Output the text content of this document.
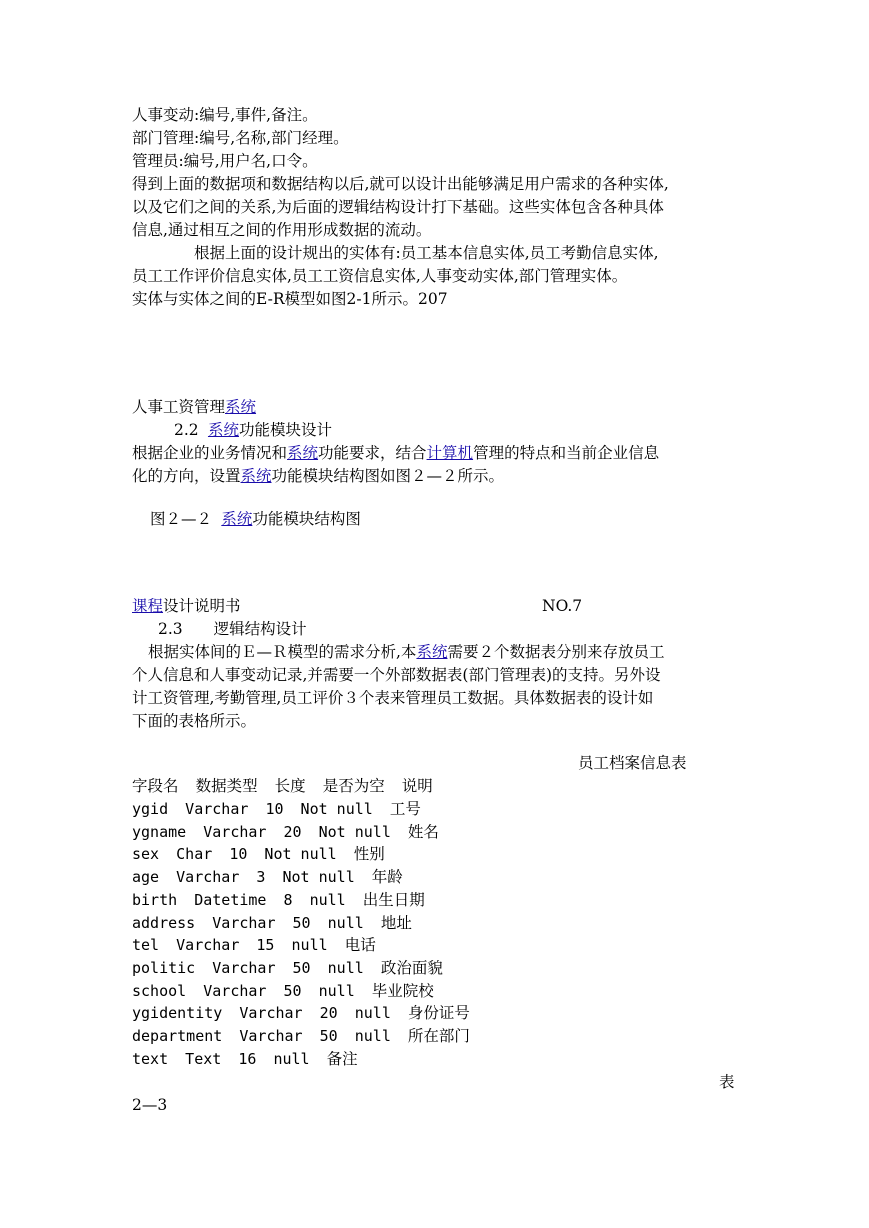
人事变动:编号,事件,备注。
部门管理:编号,名称,部门经理。
管理员:编号,用户名,口令。
得到上面的数据项和数据结构以后,就可以设计出能够满足用户需求的各种实体,
以及它们之间的关系,为后面的逻辑结构设计打下基础。这些实体包含各种具体
信息,通过相互之间的作用形成数据的流动。
根据上面的设计规出的实体有:员工基本信息实体,员工考勤信息实体,
员工工作评价信息实体,员工工资信息实体,人事变动实体,部门管理实体。
实体与实体之间的E-R模型如图2-1所示。207
人事工资管理系统
2.2 系统功能模块设计
根据企业的业务情况和系统功能要求，结合计算机管理的特点和当前企业信息
化的方向，设置系统功能模块结构图如图２—２所示。
图２—２ 系统功能模块结构图
课程设计说明书	NO.7
2.3　　逻辑结构设计
根据实体间的Ｅ—Ｒ模型的需求分析,本系统需要２个数据表分别来存放员工
个人信息和人事变动记录,并需要一个外部数据表(部门管理表)的支持。另外设
计工资管理,考勤管理,员工评价３个表来管理员工数据。具体数据表的设计如
下面的表格所示。
员工档案信息表
字段名 数据类型 长度 是否为空 说明
ygid Varchar 10 Not null 工号
ygname Varchar 20 Not null 姓名
sex Char 10 Not null 性别
age Varchar 3 Not null 年龄
birth Datetime 8 null 出生日期
address Varchar 50 null 地址
tel Varchar 15 null 电话
politic Varchar 50 null 政治面貌
school Varchar 50 null 毕业院校
ygidentity Varchar 20 null 身份证号
department Varchar 50 null 所在部门
text Text 16 null 备注
表
2—3
